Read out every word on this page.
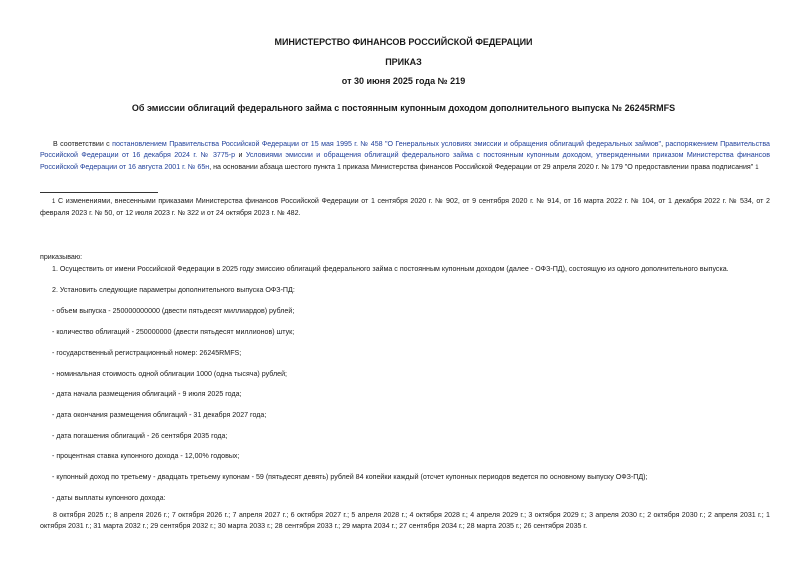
МИНИСТЕРСТВО ФИНАНСОВ РОССИЙСКОЙ ФЕДЕРАЦИИ
ПРИКАЗ
от 30 июня 2025 года № 219
Об эмиссии облигаций федерального займа с постоянным купонным доходом дополнительного выпуска № 26245RMFS
В соответствии с постановлением Правительства Российской Федерации от 15 мая 1995 г. № 458 "О Генеральных условиях эмиссии и обращения облигаций федеральных займов", распоряжением Правительства Российской Федерации от 16 декабря 2024 г. № 3775-р и Условиями эмиссии и обращения облигаций федерального займа с постоянным купонным доходом, утвержденными приказом Министерства финансов Российской Федерации от 16 августа 2001 г. № 65н, на основании абзаца шестого пункта 1 приказа Министерства финансов Российской Федерации от 29 апреля 2020 г. № 179 "О предоставлении права подписания" 1
1 С изменениями, внесенными приказами Министерства финансов Российской Федерации от 1 сентября 2020 г. № 902, от 9 сентября 2020 г. № 914, от 16 марта 2022 г. № 104, от 1 декабря 2022 г. № 534, от 2 февраля 2023 г. № 50, от 12 июля 2023 г. № 322 и от 24 октября 2023 г. № 482.
приказываю:
1. Осуществить от имени Российской Федерации в 2025 году эмиссию облигаций федерального займа с постоянным купонным доходом (далее - ОФЗ-ПД), состоящую из одного дополнительного выпуска.
2. Установить следующие параметры дополнительного выпуска ОФЗ-ПД:
- объем выпуска - 250000000000 (двести пятьдесят миллиардов) рублей;
- количество облигаций - 250000000 (двести пятьдесят миллионов) штук;
- государственный регистрационный номер: 26245RMFS;
- номинальная стоимость одной облигации 1000 (одна тысяча) рублей;
- дата начала размещения облигаций - 9 июля 2025 года;
- дата окончания размещения облигаций - 31 декабря 2027 года;
- дата погашения облигаций - 26 сентября 2035 года;
- процентная ставка купонного дохода - 12,00% годовых;
- купонный доход по третьему - двадцать третьему купонам - 59 (пятьдесят девять) рублей 84 копейки каждый (отсчет купонных периодов ведется по основному выпуску ОФЗ-ПД);
- даты выплаты купонного дохода:
8 октября 2025 г.; 8 апреля 2026 г.; 7 октября 2026 г.; 7 апреля 2027 г.; 6 октября 2027 г.; 5 апреля 2028 г.; 4 октября 2028 г.; 4 апреля 2029 г.; 3 октября 2029 г.; 3 апреля 2030 г.; 2 октября 2030 г.; 2 апреля 2031 г.; 1 октября 2031 г.; 31 марта 2032 г.; 29 сентября 2032 г.; 30 марта 2033 г.; 28 сентября 2033 г.; 29 марта 2034 г.; 27 сентября 2034 г.; 28 марта 2035 г.; 26 сентября 2035 г.
